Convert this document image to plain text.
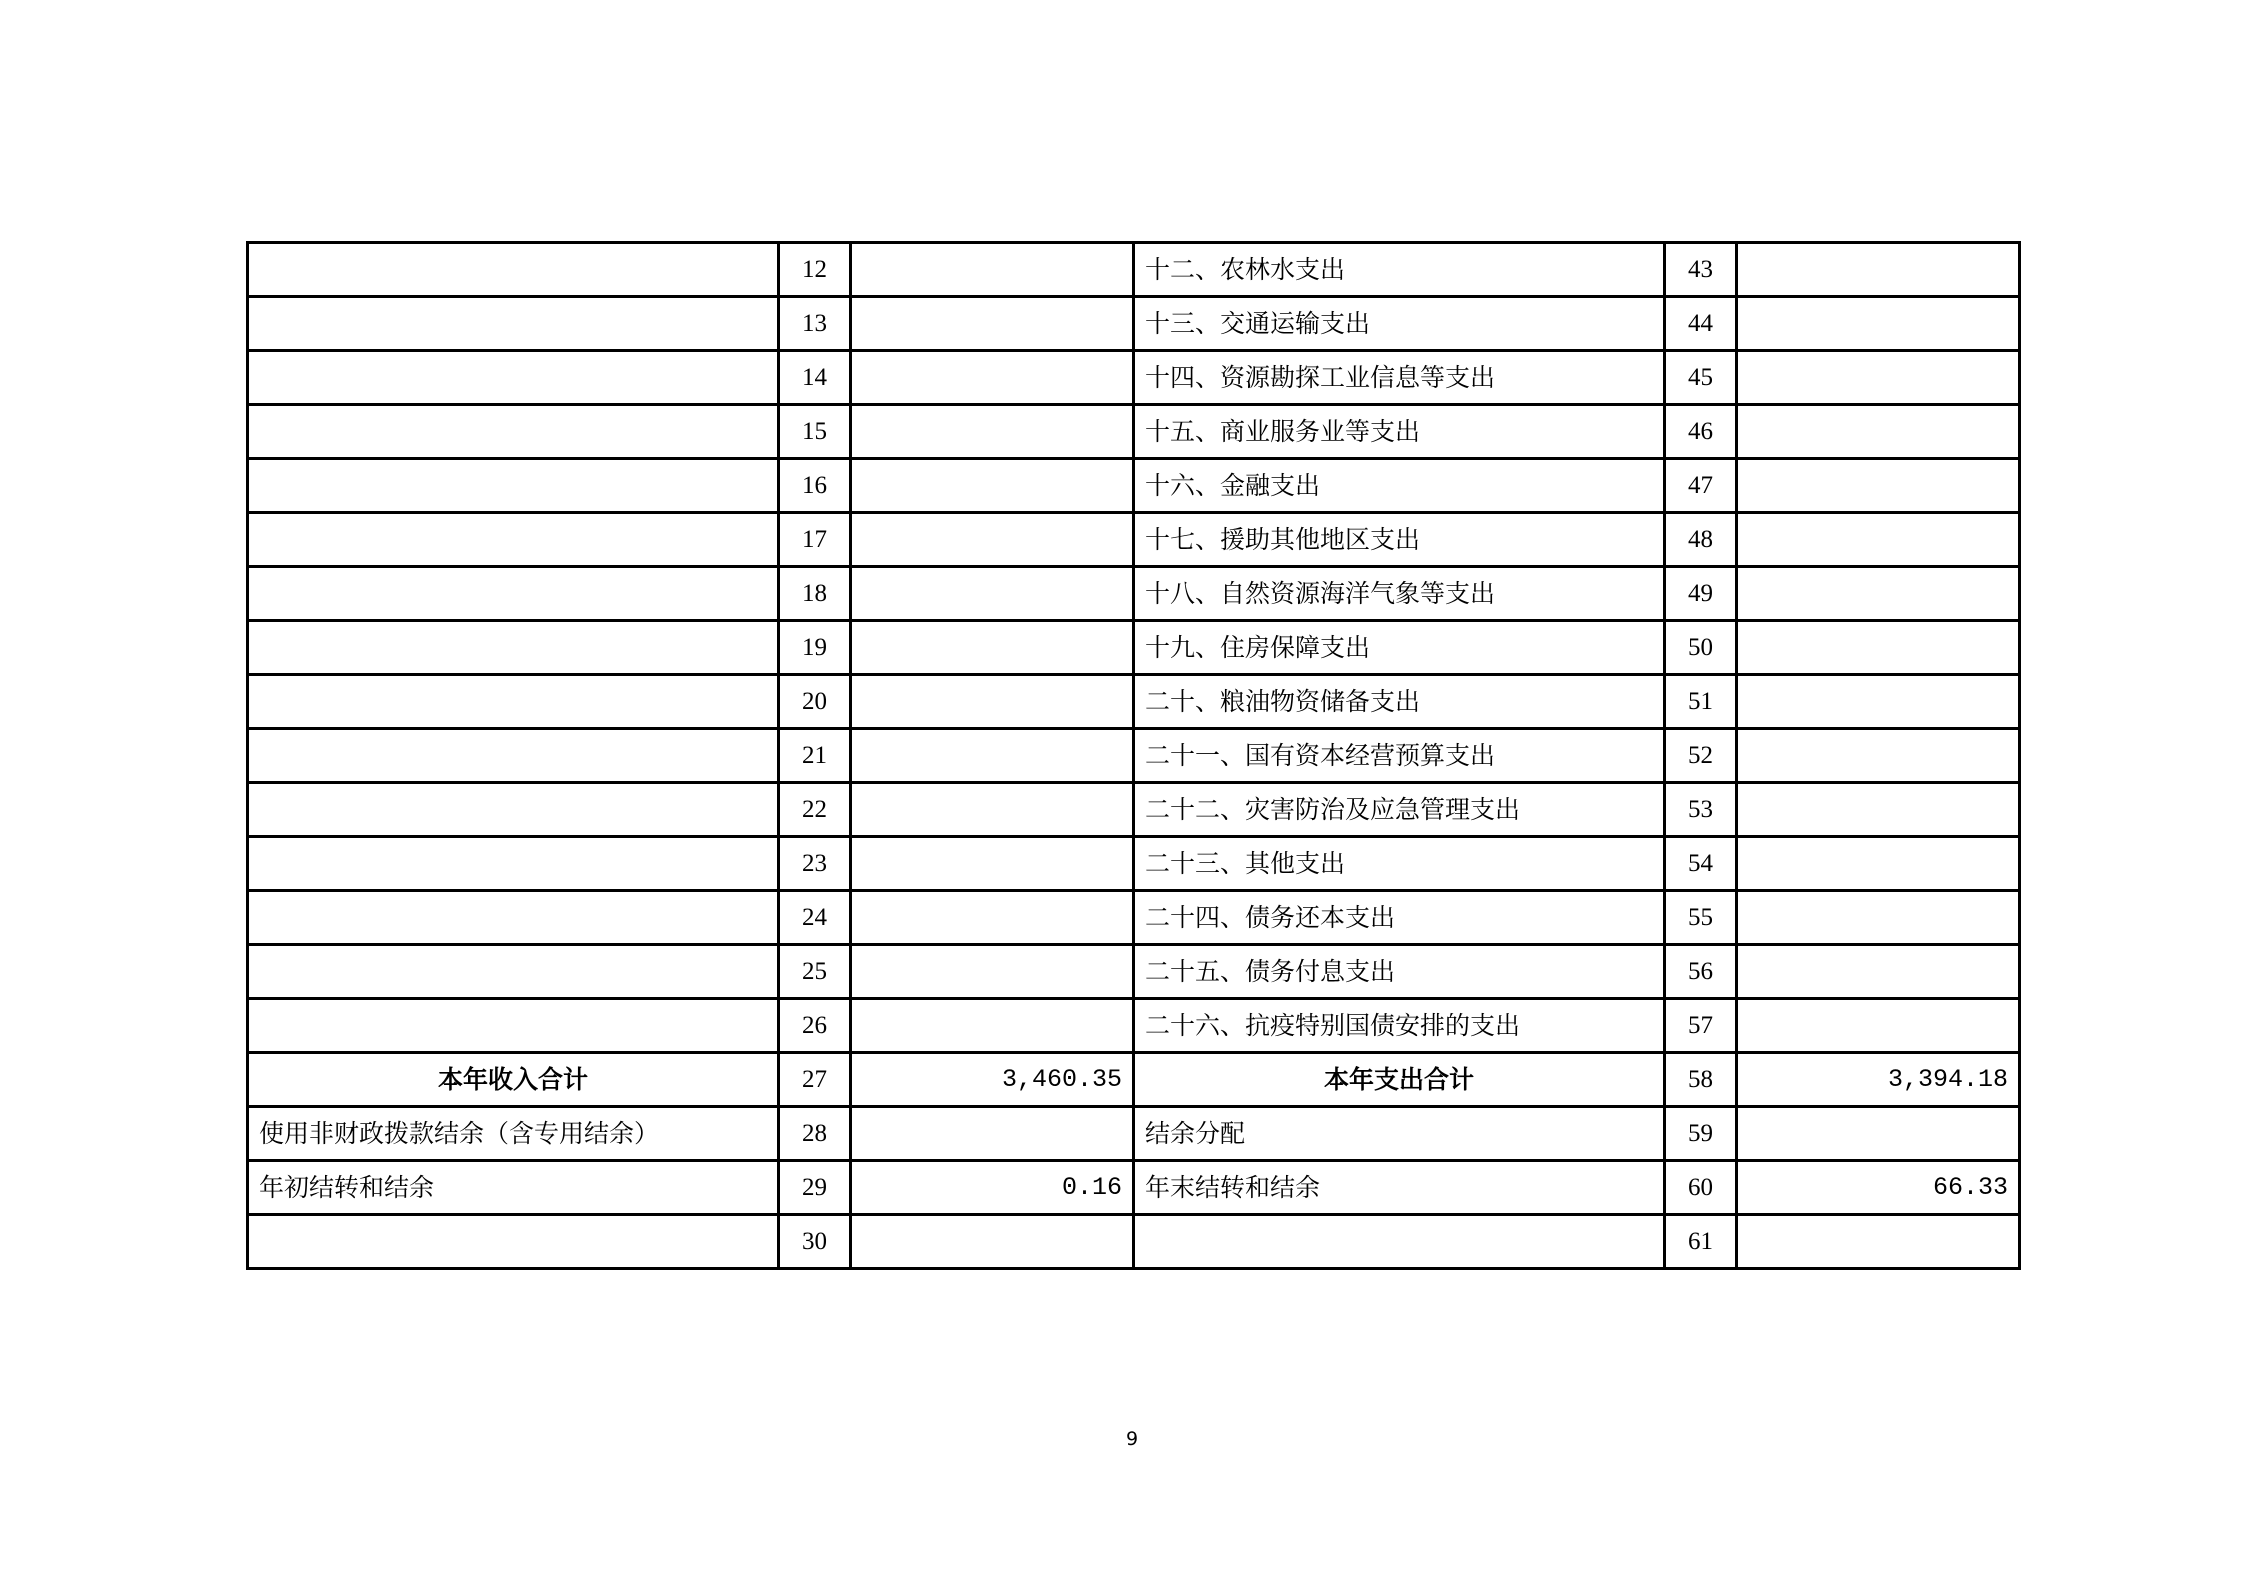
	12		十二、农林水支出	43	
	13		十三、交通运输支出	44	
	14		十四、资源勘探工业信息等支出	45	
	15		十五、商业服务业等支出	46	
	16		十六、金融支出	47	
	17		十七、援助其他地区支出	48	
	18		十八、自然资源海洋气象等支出	49	
	19		十九、住房保障支出	50	
	20		二十、粮油物资储备支出	51	
	21		二十一、国有资本经营预算支出	52	
	22		二十二、灾害防治及应急管理支出	53	
	23		二十三、其他支出	54	
	24		二十四、债务还本支出	55	
	25		二十五、债务付息支出	56	
	26		二十六、抗疫特别国债安排的支出	57	
本年收入合计	27	3,460.35	本年支出合计	58	3,394.18
使用非财政拨款结余（含专用结余）	28		结余分配	59	
年初结转和结余	29	0.16	年末结转和结余	60	66.33
	30			61	
9
